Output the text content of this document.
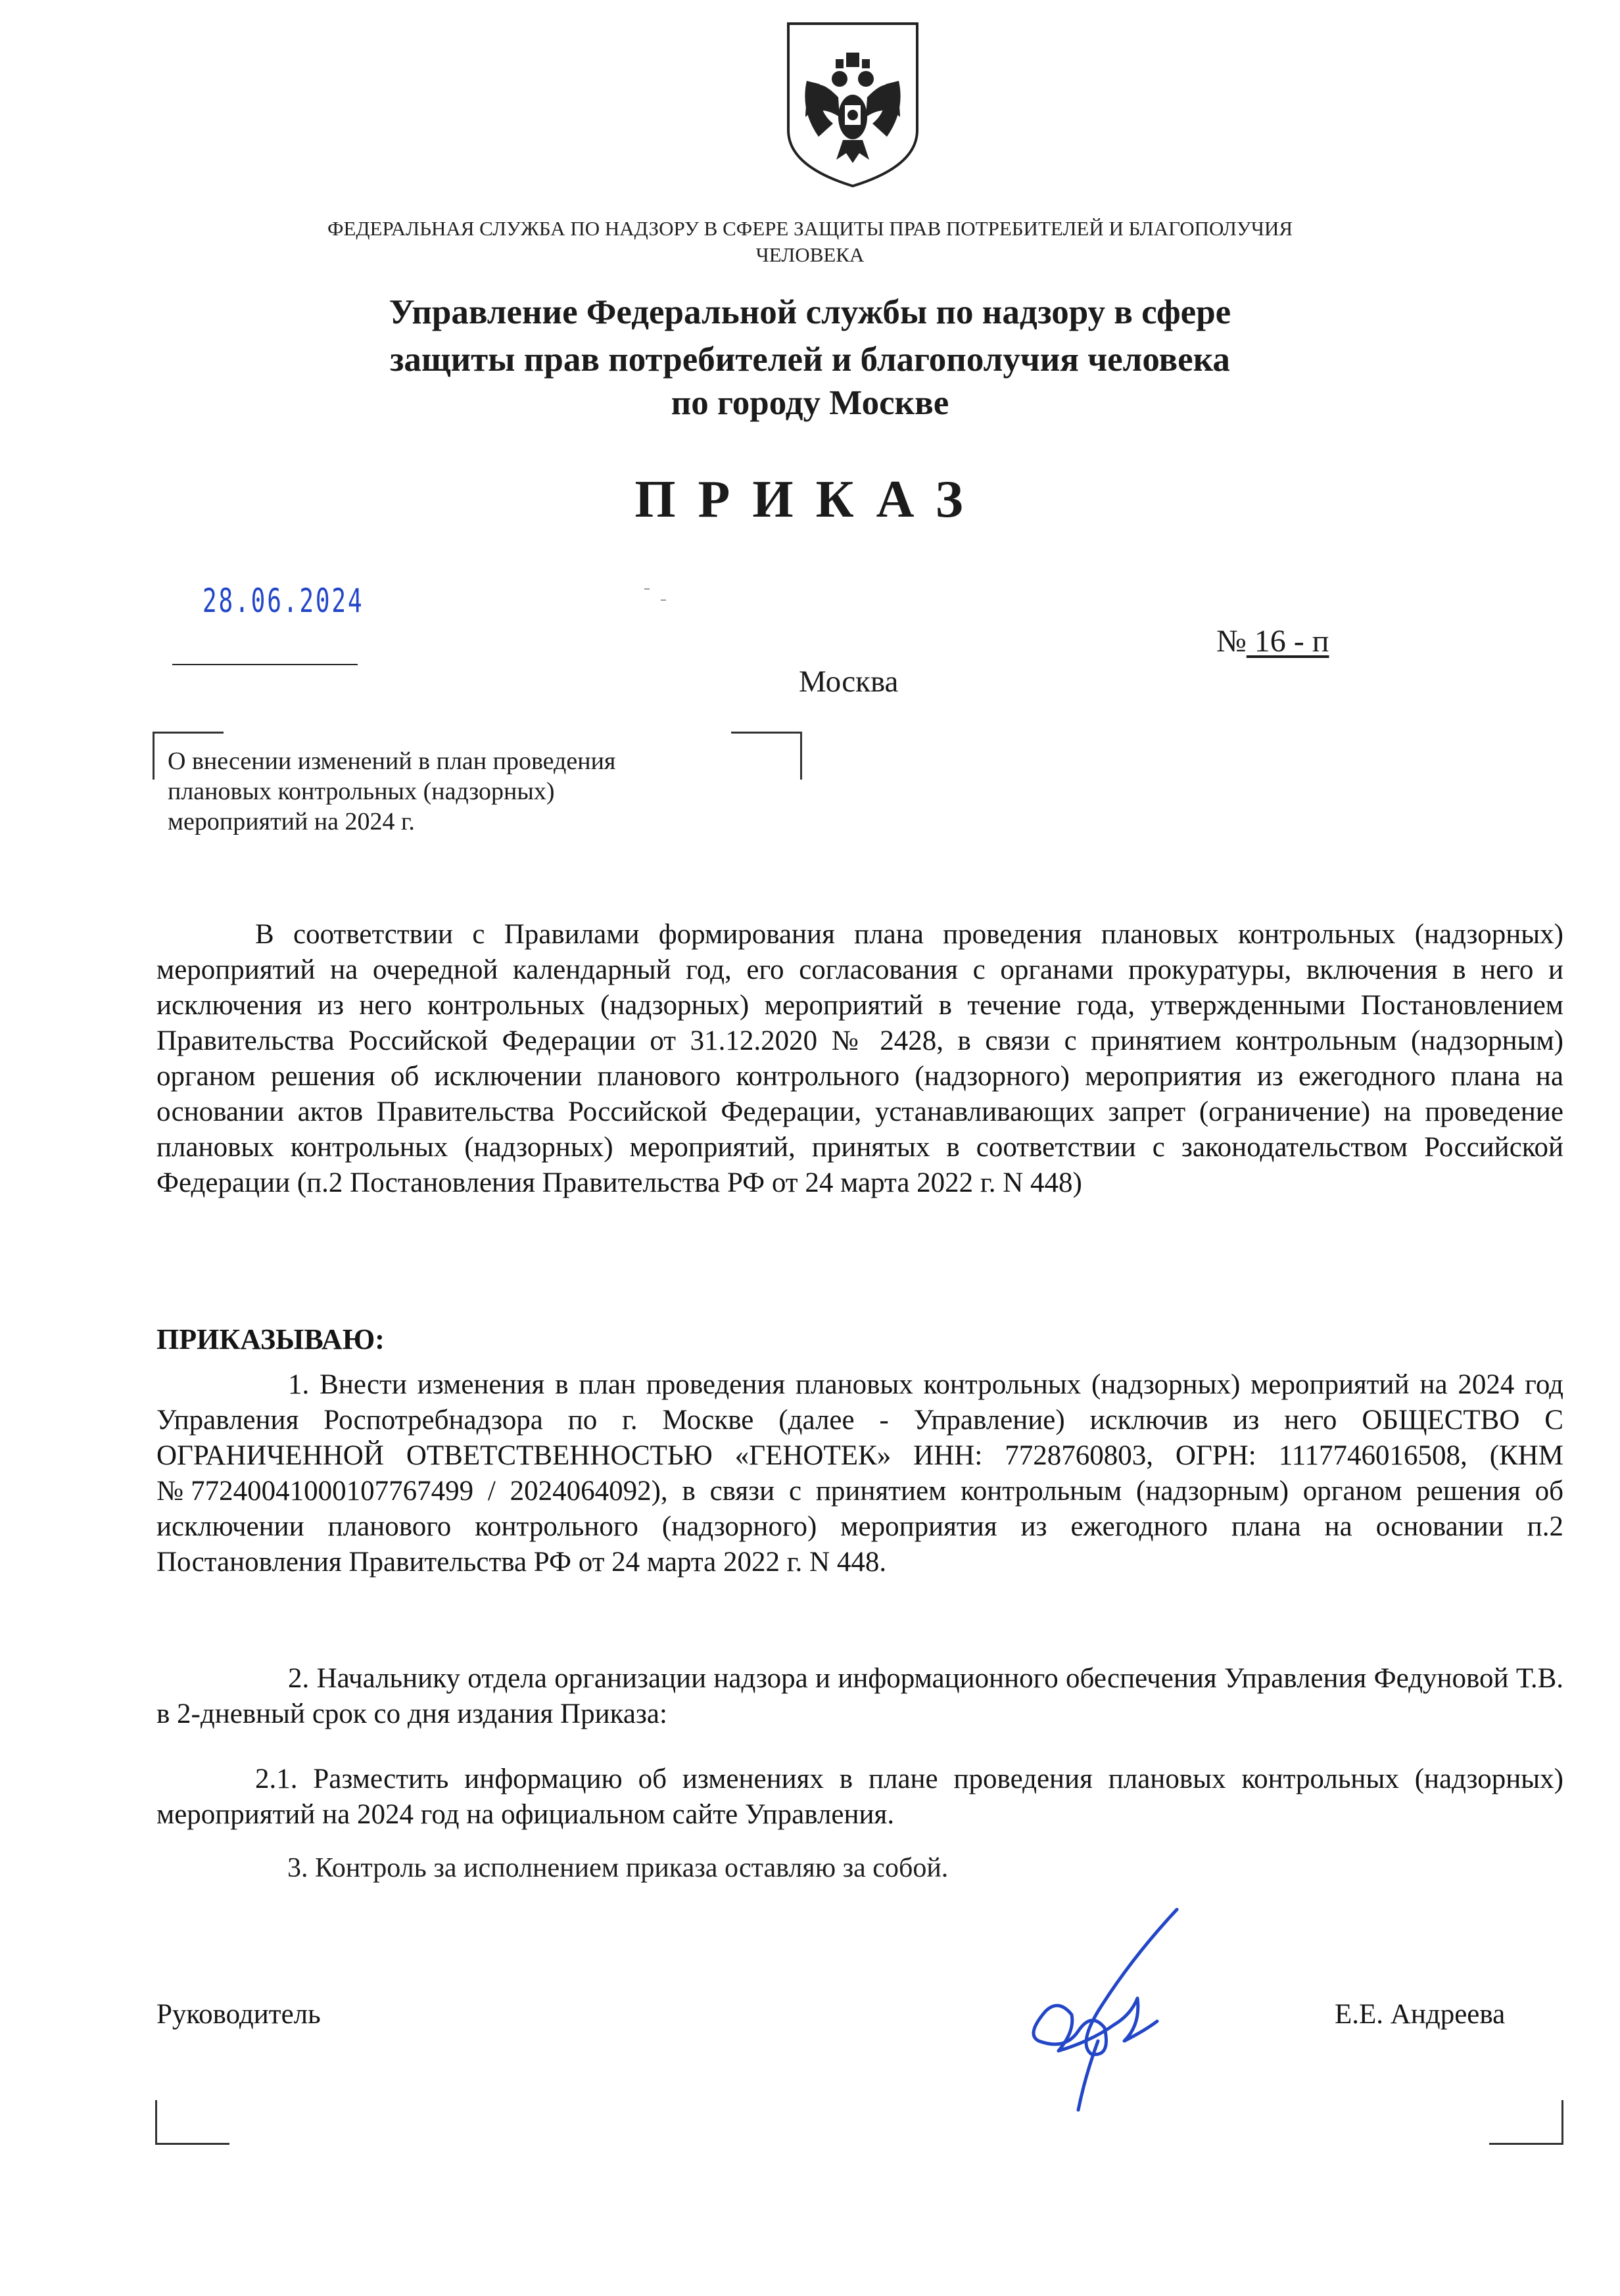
ФЕДЕРАЛЬНАЯ СЛУЖБА ПО НАДЗОРУ В СФЕРЕ ЗАЩИТЫ ПРАВ ПОТРЕБИТЕЛЕЙ И БЛАГОПОЛУЧИЯ
ЧЕЛОВЕКА
Управление Федеральной службы по надзору в сфере
защиты прав потребителей и благополучия человека
по городу Москве
ПРИКАЗ
28.06.2024
№ 16 - п
Москва
О внесении изменений в план проведения
плановых контрольных (надзорных)
мероприятий на 2024 г.
В соответствии с Правилами формирования плана проведения плановых контрольных (надзорных) мероприятий на очередной календарный год, его согласования с органами прокуратуры, включения в него и исключения из него контрольных (надзорных) мероприятий в течение года, утвержденными Постановлением Правительства Российской Федерации от 31.12.2020 № 2428, в связи с принятием контрольным (надзорным) органом решения об исключении планового контрольного (надзорного) мероприятия из ежегодного плана на основании актов Правительства Российской Федерации, устанавливающих запрет (ограничение) на проведение плановых контрольных (надзорных) мероприятий, принятых в соответствии с законодательством Российской Федерации (п.2 Постановления Правительства РФ от 24 марта 2022 г. N 448)
ПРИКАЗЫВАЮ:
1. Внести изменения в план проведения плановых контрольных (надзорных) мероприятий на 2024 год Управления Роспотребнадзора по г. Москве (далее - Управление) исключив из него ОБЩЕСТВО С ОГРАНИЧЕННОЙ ОТВЕТСТВЕННОСТЬЮ «ГЕНОТЕК» ИНН: 7728760803, ОГРН: 1117746016508, (КНМ №77240041000107767499 / 2024064092), в связи с принятием контрольным (надзорным) органом решения об исключении планового контрольного (надзорного) мероприятия из ежегодного плана на основании п.2 Постановления Правительства РФ от 24 марта 2022 г. N 448.
2. Начальнику отдела организации надзора и информационного обеспечения Управления Федуновой Т.В. в 2-дневный срок со дня издания Приказа:
2.1. Разместить информацию об изменениях в плане проведения плановых контрольных (надзорных) мероприятий на 2024 год на официальном сайте Управления.
3. Контроль за исполнением приказа оставляю за собой.
Руководитель	Е.Е. Андреева
